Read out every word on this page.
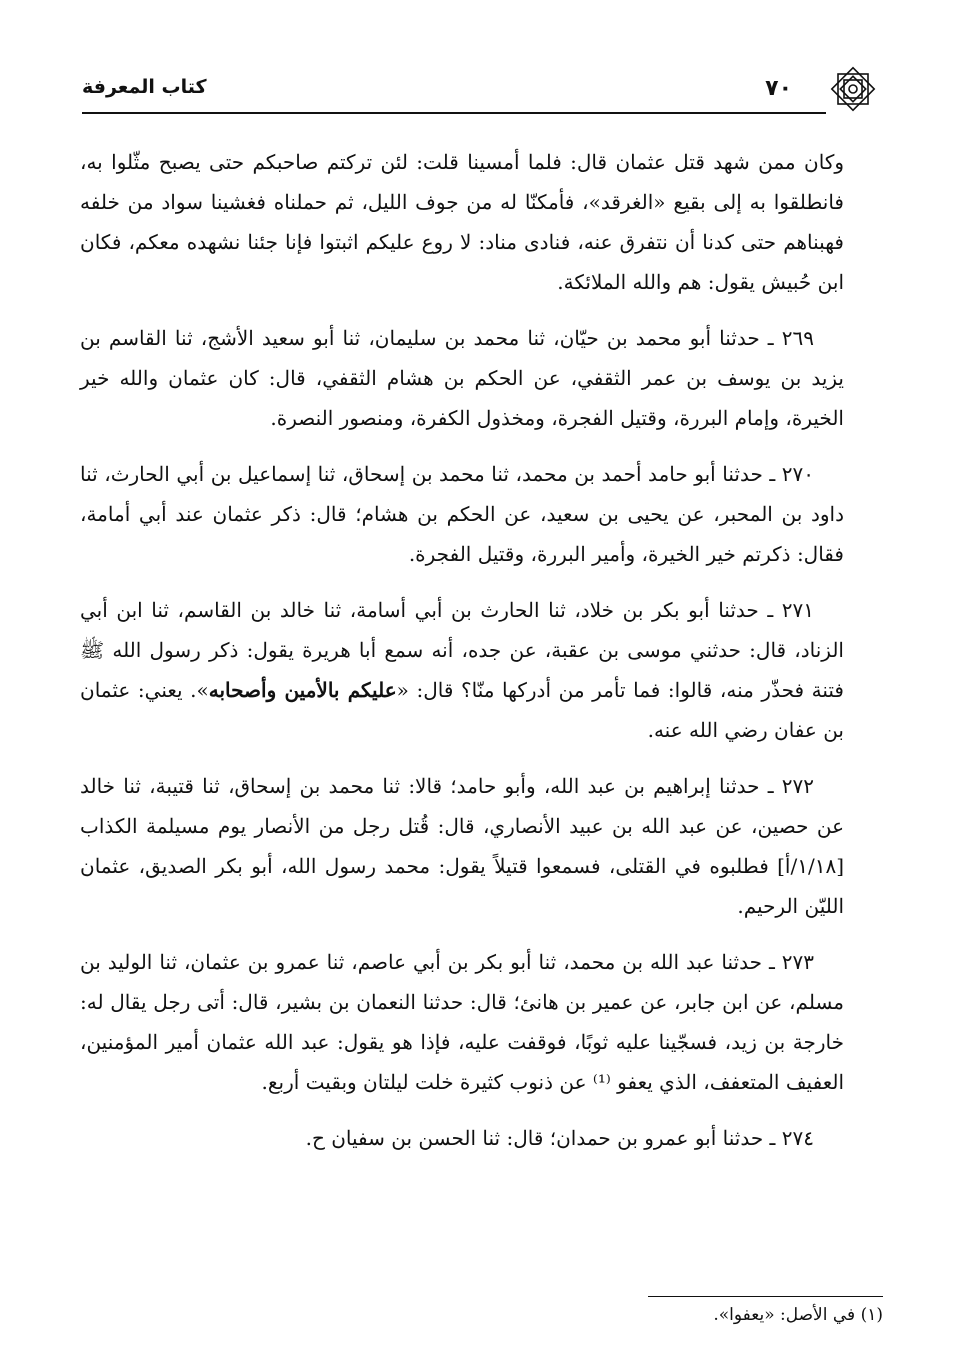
٧٠
كتاب المعرفة

وكان ممن شهد قتل عثمان قال: فلما أمسينا قلت: لئن تركتم صاحبكم حتى يصبح مثّلوا به، فانطلقوا به إلى بقيع «الغرقد»، فأمكنّا له من جوف الليل، ثم حملناه فغشينا سواد من خلفه فهبناهم حتى كدنا أن نتفرق عنه، فنادى مناد: لا روع عليكم اثبتوا فإنا جئنا نشهده معكم، فكان ابن حُبيش يقول: هم والله الملائكة.

٢٦٩ ـ حدثنا أبو محمد بن حيّان، ثنا محمد بن سليمان، ثنا أبو سعيد الأشج، ثنا القاسم بن يزيد بن يوسف بن عمر الثقفي، عن الحكم بن هشام الثقفي، قال: كان عثمان والله خير الخيرة، وإمام البررة، وقتيل الفجرة، ومخذول الكفرة، ومنصور النصرة.

٢٧٠ ـ حدثنا أبو حامد أحمد بن محمد، ثنا محمد بن إسحاق، ثنا إسماعيل بن أبي الحارث، ثنا داود بن المحبر، عن يحيى بن سعيد، عن الحكم بن هشام؛ قال: ذكر عثمان عند أبي أمامة، فقال: ذكرتم خير الخيرة، وأمير البررة، وقتيل الفجرة.

٢٧١ ـ حدثنا أبو بكر بن خلاد، ثنا الحارث بن أبي أسامة، ثنا خالد بن القاسم، ثنا ابن أبي الزناد، قال: حدثني موسى بن عقبة، عن جده، أنه سمع أبا هريرة يقول: ذكر رسول الله ﷺ فتنة فحذّر منه، قالوا: فما تأمر من أدركها منّا؟ قال: «عليكم بالأمين وأصحابه». يعني: عثمان بن عفان رضي الله عنه.

٢٧٢ ـ حدثنا إبراهيم بن عبد الله، وأبو حامد؛ قالا: ثنا محمد بن إسحاق، ثنا قتيبة، ثنا خالد عن حصين، عن عبد الله بن عبيد الأنصاري، قال: قُتل رجل من الأنصار يوم مسيلمة الكذاب [١/١٨/أ] فطلبوه في القتلى، فسمعوا قتيلاً يقول: محمد رسول الله، أبو بكر الصديق، عثمان الليّن الرحيم.

٢٧٣ ـ حدثنا عبد الله بن محمد، ثنا أبو بكر بن أبي عاصم، ثنا عمرو بن عثمان، ثنا الوليد بن مسلم، عن ابن جابر، عن عمير بن هانئ؛ قال: حدثنا النعمان بن بشير، قال: أتى رجل يقال له: خارجة بن زيد، فسجّينا عليه ثوبًا، فوقفت عليه، فإذا هو يقول: عبد الله عثمان أمير المؤمنين، العفيف المتعفف، الذي يعفو ⁽¹⁾ عن ذنوب كثيرة خلت ليلتان وبقيت أربع.

٢٧٤ ـ حدثنا أبو عمرو بن حمدان؛ قال: ثنا الحسن بن سفيان ح.

(١) في الأصل: «يعفوا».
